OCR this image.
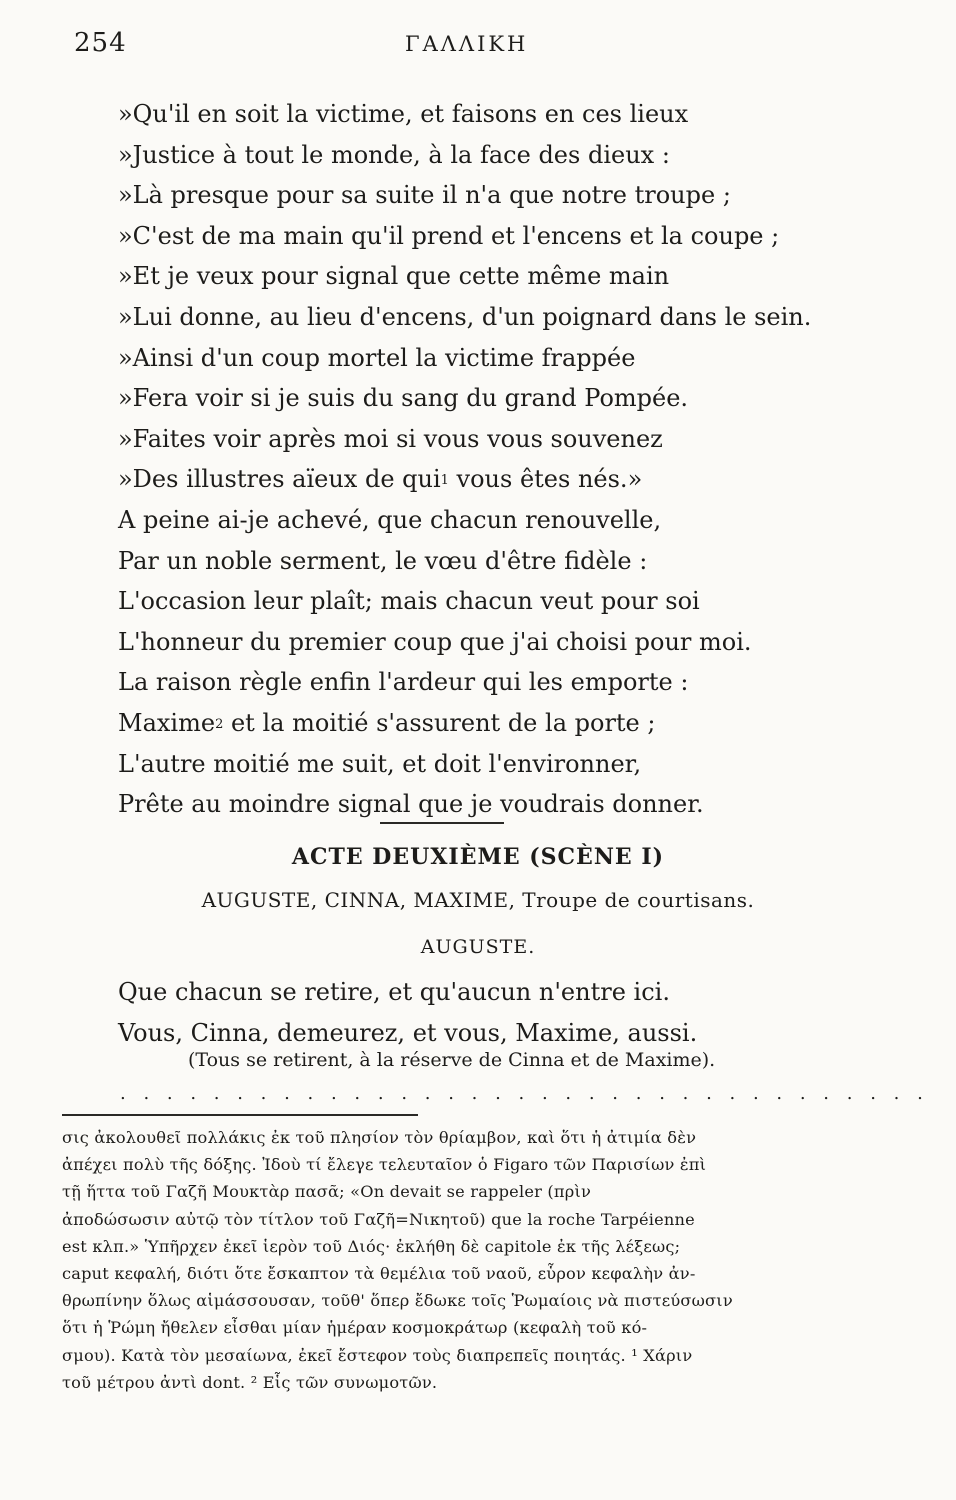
254	ΓΑΛΛΙΚΗ
»Qu'il en soit la victime, et faisons en ces lieux
»Justice à tout le monde, à la face des dieux :
»Là presque pour sa suite il n'a que notre troupe ;
»C'est de ma main qu'il prend et l'encens et la coupe ;
»Et je veux pour signal que cette même main
»Lui donne, au lieu d'encens, d'un poignard dans le sein.
»Ainsi d'un coup mortel la victime frappée
»Fera voir si je suis du sang du grand Pompée.
»Faites voir après moi si vous vous souvenez
»Des illustres aïeux de qui$^1$ vous êtes nés.»
A peine ai-je achevé, que chacun renouvelle,
Par un noble serment, le vœu d'être fidèle :
L'occasion leur plaît; mais chacun veut pour soi
L'honneur du premier coup que j'ai choisi pour moi.
La raison règle enfin l'ardeur qui les emporte :
Maxime$^2$ et la moitié s'assurent de la porte ;
L'autre moitié me suit, et doit l'environner,
Prête au moindre signal que je voudrais donner.
ACTE DEUXIÈME (SCÈNE I)
AUGUSTE, CINNA, MAXIME, Troupe de courtisans.
AUGUSTE.
Que chacun se retire, et qu'aucun n'entre ici.
Vous, Cinna, demeurez, et vous, Maxime, aussi.
(Tous se retirent, à la réserve de Cinna et de Maxime).
. . . . . . . . . . . . . . . . . . . . . . . . . . . . . . . . . . .
σις ἀκολουθεῖ πολλάκις ἐκ τοῦ πλησίον τὸν θρίαμβον, καὶ ὅτι ἡ ἀτιμία δὲν
ἀπέχει πολὺ τῆς δόξης. Ἰδοὺ τί ἔλεγε τελευταῖον ὁ Figaro τῶν Παρισίων ἐπὶ
τῇ ἥττα τοῦ Γαζῆ Μουκτὰρ πασᾶ; «On devait se rappeler (πρὶν
ἀποδώσωσιν αὐτῷ τὸν τίτλον τοῦ Γαζῆ=Νικητοῦ) que la roche Tarpéienne
est κλπ.» Ὑπῆρχεν ἐκεῖ ἱερὸν τοῦ Διός· ἐκλήθη δὲ capitole ἐκ τῆς λέξεως;
caput κεφαλή, διότι ὅτε ἔσκαπτον τὰ θεμέλια τοῦ ναοῦ, εὗρον κεφαλὴν ἀν-
θρωπίνην ὅλως αἱμάσσουσαν, τοῦθ' ὅπερ ἔδωκε τοῖς Ῥωμαίοις νὰ πιστεύσωσιν
ὅτι ἡ Ῥώμη ἤθελεν εἶσθαι μίαν ἡμέραν κοσμοκράτωρ (κεφαλὴ τοῦ κό-
σμου). Κατὰ τὸν μεσαίωνα, ἐκεῖ ἔστεφον τοὺς διαπρεπεῖς ποιητάς. ¹ Χάριν
τοῦ μέτρου ἀντὶ dont. ² Εἷς τῶν συνωμοτῶν.
